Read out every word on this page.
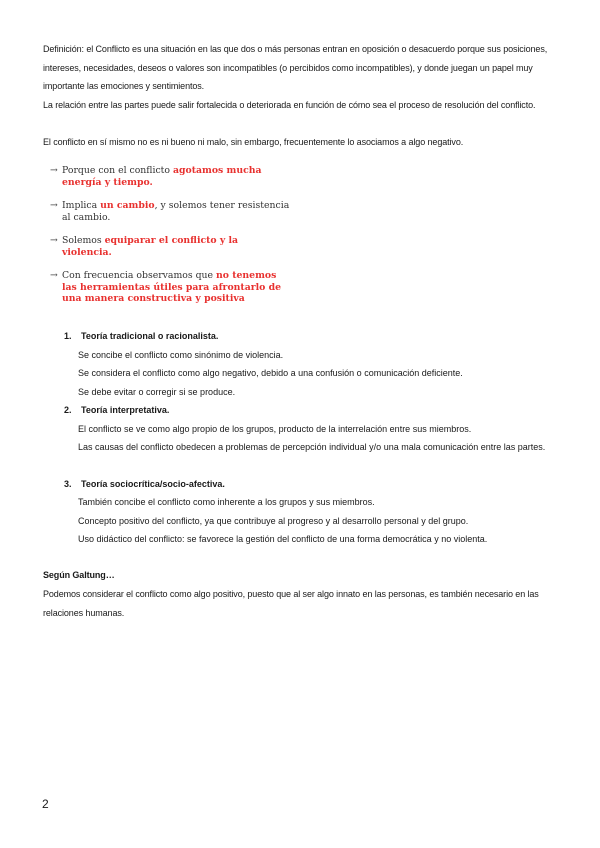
Definición: el Conflicto es una situación en las que dos o más personas entran en oposición o desacuerdo porque sus posiciones, intereses, necesidades, deseos o valores son incompatibles (o percibidos como incompatibles), y donde juegan un papel muy importante las emociones y sentimientos.
La relación entre las partes puede salir fortalecida o deteriorada en función de cómo sea el proceso de resolución del conflicto.
El conflicto en sí mismo no es ni bueno ni malo, sin embargo, frecuentemente lo asociamos a algo negativo.
→ Porque con el conflicto agotamos mucha energía y tiempo.
→ Implica un cambio, y solemos tener resistencia al cambio.
→ Solemos equiparar el conflicto y la violencia.
→ Con frecuencia observamos que no tenemos las herramientas útiles para afrontarlo de una manera constructiva y positiva
1. Teoría tradicional o racionalista.
Se concibe el conflicto como sinónimo de violencia.
Se considera el conflicto como algo negativo, debido a una confusión o comunicación deficiente.
Se debe evitar o corregir si se produce.
2. Teoría interpretativa.
El conflicto se ve como algo propio de los grupos, producto de la interrelación entre sus miembros.
Las causas del conflicto obedecen a problemas de percepción individual y/o una mala comunicación entre las partes.
3. Teoría sociocrítica/socio-afectiva.
También concibe el conflicto como inherente a los grupos y sus miembros.
Concepto positivo del conflicto, ya que contribuye al progreso y al desarrollo personal y del grupo.
Uso didáctico del conflicto: se favorece la gestión del conflicto de una forma democrática y no violenta.
Según Galtung…
Podemos considerar el conflicto como algo positivo, puesto que al ser algo innato en las personas, es también necesario en las relaciones humanas.
2
